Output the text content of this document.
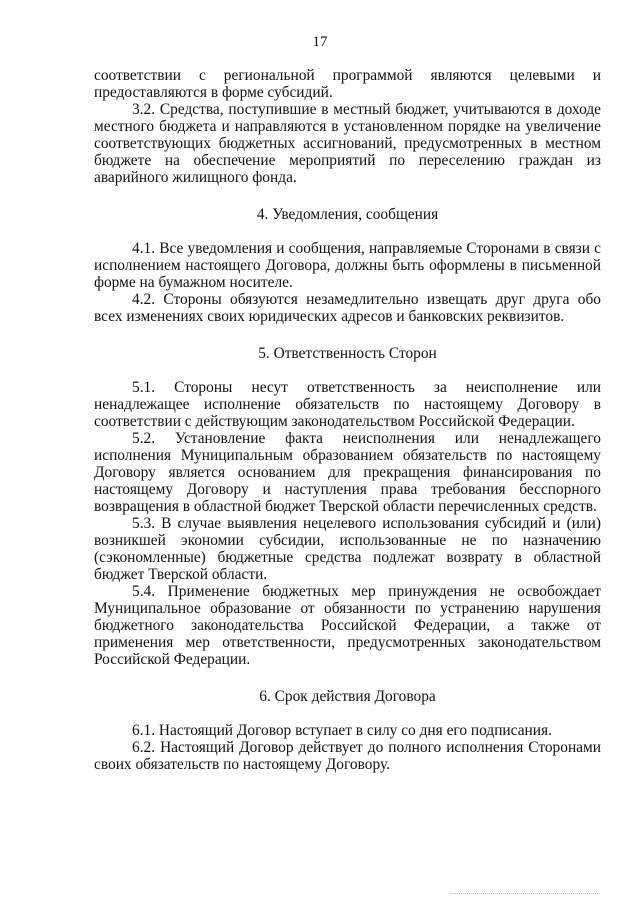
17

соответствии с региональной программой являются целевыми и предоставляются в форме субсидий.

3.2. Средства, поступившие в местный бюджет, учитываются в доходе местного бюджета и направляются в установленном порядке на увеличение соответствующих бюджетных ассигнований, предусмотренных в местном бюджете на обеспечение мероприятий по переселению граждан из аварийного жилищного фонда.

4. Уведомления, сообщения

4.1. Все уведомления и сообщения, направляемые Сторонами в связи с исполнением настоящего Договора, должны быть оформлены в письменной форме на бумажном носителе.

4.2. Стороны обязуются незамедлительно извещать друг друга обо всех изменениях своих юридических адресов и банковских реквизитов.

5. Ответственность Сторон

5.1. Стороны несут ответственность за неисполнение или ненадлежащее исполнение обязательств по настоящему Договору в соответствии с действующим законодательством Российской Федерации.

5.2. Установление факта неисполнения или ненадлежащего исполнения Муниципальным образованием обязательств по настоящему Договору является основанием для прекращения финансирования по настоящему Договору и наступления права требования бесспорного возвращения в областной бюджет Тверской области перечисленных средств.

5.3. В случае выявления нецелевого использования субсидий и (или) возникшей экономии субсидии, использованные не по назначению (сэкономленные) бюджетные средства подлежат возврату в областной бюджет Тверской области.

5.4. Применение бюджетных мер принуждения не освобождает Муниципальное образование от обязанности по устранению нарушения бюджетного законодательства Российской Федерации, а также от применения мер ответственности, предусмотренных законодательством Российской Федерации.

6. Срок действия Договора

6.1. Настоящий Договор вступает в силу со дня его подписания.

6.2. Настоящий Договор действует до полного исполнения Сторонами своих обязательств по настоящему Договору.
